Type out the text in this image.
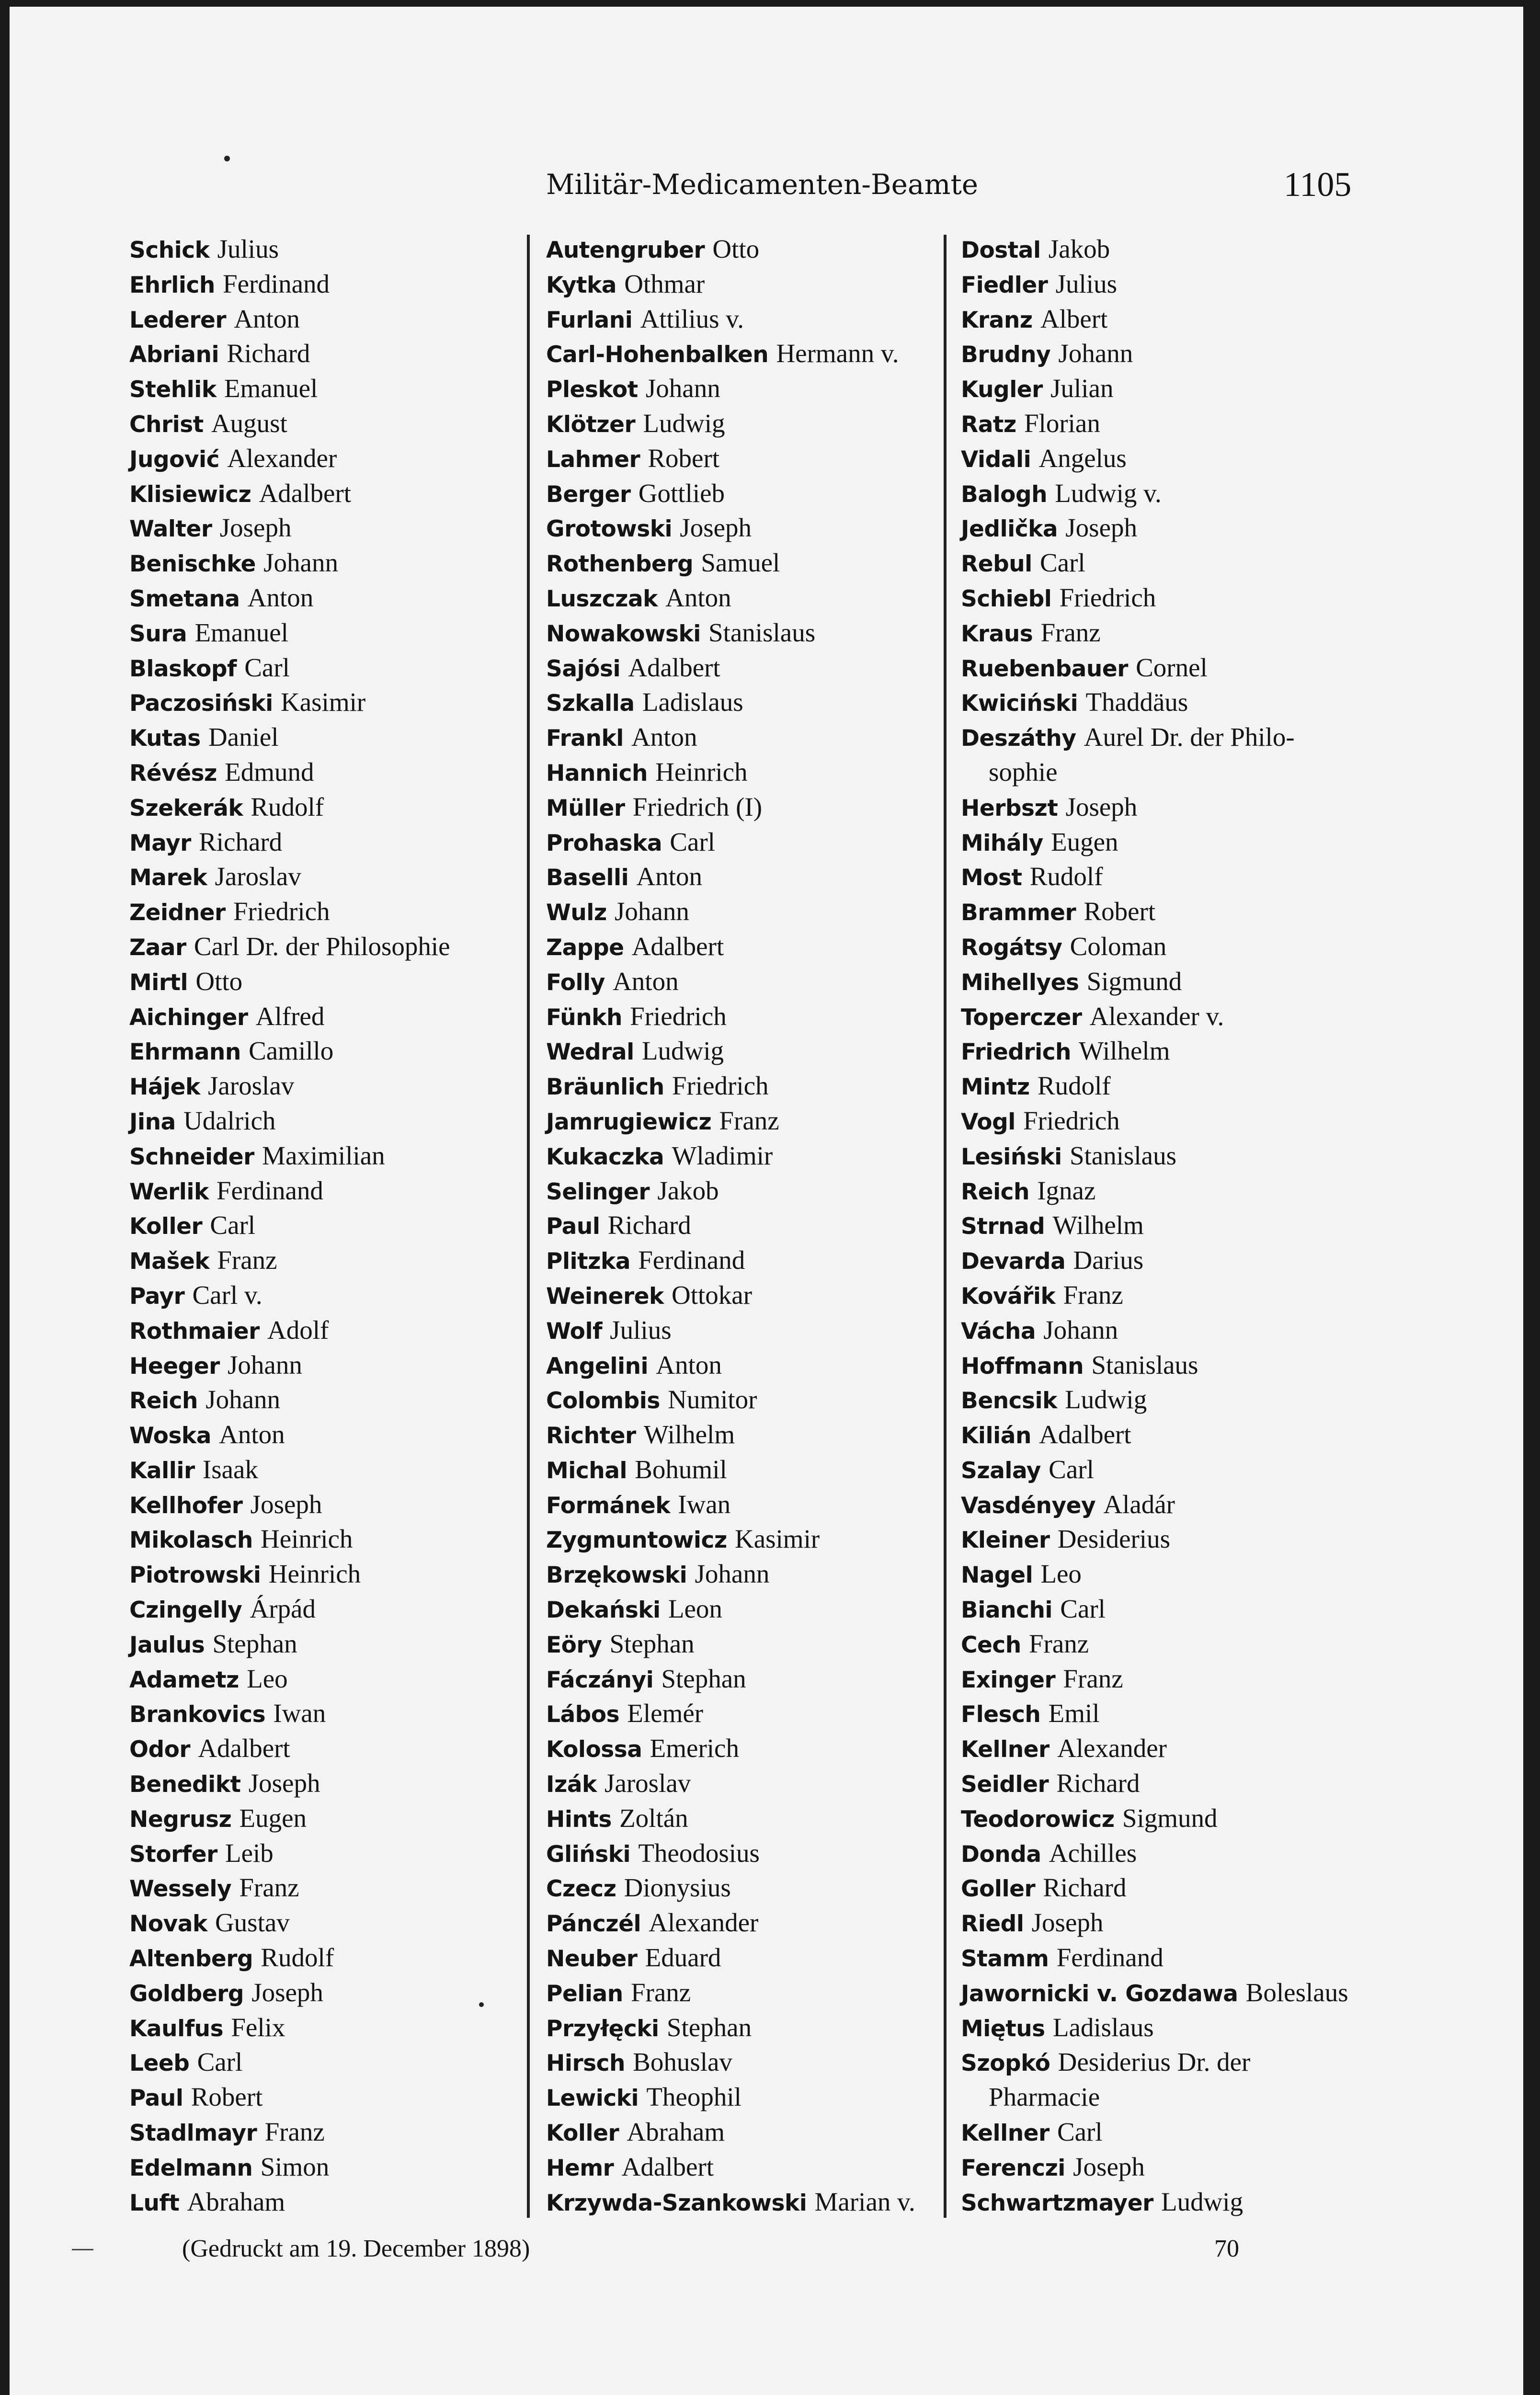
Militär-Medicamenten-Beamte	1105
Schick Julius
Ehrlich Ferdinand
Lederer Anton
Abriani Richard
Stehlik Emanuel
Christ August
Jugović Alexander
Klisiewicz Adalbert
Walter Joseph
Benischke Johann
Smetana Anton
Sura Emanuel
Blaskopf Carl
Paczosiński Kasimir
Kutas Daniel
Révész Edmund
Szekerák Rudolf
Mayr Richard
Marek Jaroslav
Zeidner Friedrich
Zaar Carl Dr. der Philosophie
Mirtl Otto
Aichinger Alfred
Ehrmann Camillo
Hájek Jaroslav
Jina Udalrich
Schneider Maximilian
Werlik Ferdinand
Koller Carl
Mašek Franz
Payr Carl v.
Rothmaier Adolf
Heeger Johann
Reich Johann
Woska Anton
Kallir Isaak
Kellhofer Joseph
Mikolasch Heinrich
Piotrowski Heinrich
Czingelly Árpád
Jaulus Stephan
Adametz Leo
Brankovics Iwan
Odor Adalbert
Benedikt Joseph
Negrusz Eugen
Storfer Leib
Wessely Franz
Novak Gustav
Altenberg Rudolf
Goldberg Joseph
Kaulfus Felix
Leeb Carl
Paul Robert
Stadlmayr Franz
Edelmann Simon
Luft Abraham
Autengruber Otto
Kytka Othmar
Furlani Attilius v.
Carl-Hohenbalken Hermann v.
Pleskot Johann
Klötzer Ludwig
Lahmer Robert
Berger Gottlieb
Grotowski Joseph
Rothenberg Samuel
Luszczak Anton
Nowakowski Stanislaus
Sajósi Adalbert
Szkalla Ladislaus
Frankl Anton
Hannich Heinrich
Müller Friedrich (I)
Prohaska Carl
Baselli Anton
Wulz Johann
Zappe Adalbert
Folly Anton
Fünkh Friedrich
Wedral Ludwig
Bräunlich Friedrich
Jamrugiewicz Franz
Kukaczka Wladimir
Selinger Jakob
Paul Richard
Plitzka Ferdinand
Weinerek Ottokar
Wolf Julius
Angelini Anton
Colombis Numitor
Richter Wilhelm
Michal Bohumil
Formánek Iwan
Zygmuntowicz Kasimir
Brzękowski Johann
Dekański Leon
Eöry Stephan
Fáczányi Stephan
Lábos Elemér
Kolossa Emerich
Izák Jaroslav
Hints Zoltán
Gliński Theodosius
Czecz Dionysius
Pánczél Alexander
Neuber Eduard
Pelian Franz
Przyłęcki Stephan
Hirsch Bohuslav
Lewicki Theophil
Koller Abraham
Hemr Adalbert
Krzywda-Szankowski Marian v.
Dostal Jakob
Fiedler Julius
Kranz Albert
Brudny Johann
Kugler Julian
Ratz Florian
Vidali Angelus
Balogh Ludwig v.
Jedlička Joseph
Rebul Carl
Schiebl Friedrich
Kraus Franz
Ruebenbauer Cornel
Kwiciński Thaddäus
Deszáthy Aurel Dr. der Philo-
sophie
Herbszt Joseph
Mihály Eugen
Most Rudolf
Brammer Robert
Rogátsy Coloman
Mihellyes Sigmund
Toperczer Alexander v.
Friedrich Wilhelm
Mintz Rudolf
Vogl Friedrich
Lesiński Stanislaus
Reich Ignaz
Strnad Wilhelm
Devarda Darius
Kovářik Franz
Vácha Johann
Hoffmann Stanislaus
Bencsik Ludwig
Kilián Adalbert
Szalay Carl
Vasdényey Aladár
Kleiner Desiderius
Nagel Leo
Bianchi Carl
Cech Franz
Exinger Franz
Flesch Emil
Kellner Alexander
Seidler Richard
Teodorowicz Sigmund
Donda Achilles
Goller Richard
Riedl Joseph
Stamm Ferdinand
Jawornicki v. Gozdawa Boleslaus
Miętus Ladislaus
Szopkó Desiderius Dr. der
Pharmacie
Kellner Carl
Ferenczi Joseph
Schwartzmayer Ludwig
(Gedruckt am 19. December 1898)	70
